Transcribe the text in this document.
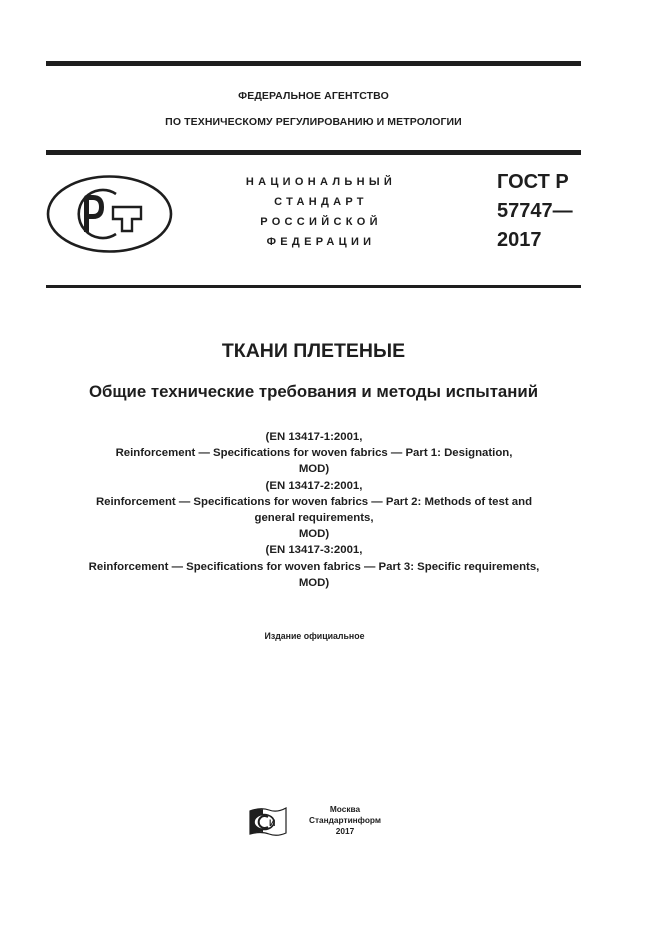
ФЕДЕРАЛЬНОЕ АГЕНТСТВО
ПО ТЕХНИЧЕСКОМУ РЕГУЛИРОВАНИЮ И МЕТРОЛОГИИ
НАЦИОНАЛЬНЫЙ
СТАНДАРТ
РОССИЙСКОЙ
ФЕДЕРАЦИИ
ГОСТ Р
57747—
2017
ТКАНИ ПЛЕТЕНЫЕ
Общие технические требования и методы испытаний
(EN 13417-1:2001,
Reinforcement — Specifications for woven fabrics — Part 1: Designation,
MOD)
(EN 13417-2:2001,
Reinforcement — Specifications for woven fabrics — Part 2: Methods of test and
general requirements,
MOD)
(EN 13417-3:2001,
Reinforcement — Specifications for woven fabrics — Part 3: Specific requirements,
MOD)
Издание официальное
И
Москва
Стандартинформ
2017
